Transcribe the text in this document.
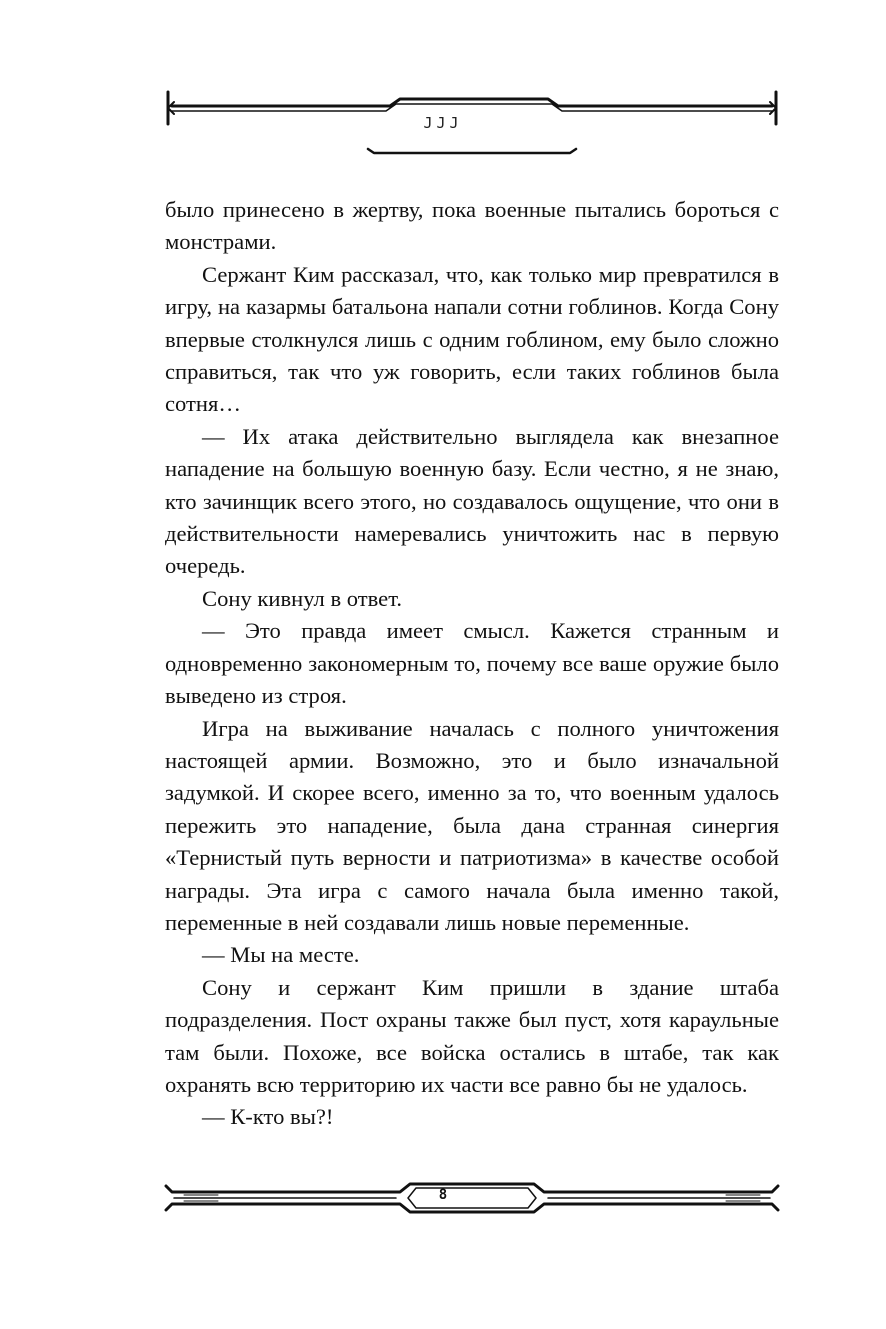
JJJ

было принесено в жертву, пока военные пытались бороться с монстрами.

Сержант Ким рассказал, что, как только мир превратился в игру, на казармы батальона напали сотни гоблинов. Когда Сону впервые столкнулся лишь с одним гоблином, ему было сложно справиться, так что уж говорить, если таких гоблинов была сотня…

— Их атака действительно выглядела как внезапное нападение на большую военную базу. Если честно, я не знаю, кто зачинщик всего этого, но создавалось ощущение, что они в действительности намеревались уничтожить нас в первую очередь.

Сону кивнул в ответ.

— Это правда имеет смысл. Кажется странным и одновременно закономерным то, почему все ваше оружие было выведено из строя.

Игра на выживание началась с полного уничтожения настоящей армии. Возможно, это и было изначальной задумкой. И скорее всего, именно за то, что военным удалось пережить это нападение, была дана странная синергия «Тернистый путь верности и патриотизма» в качестве особой награды. Эта игра с самого начала была именно такой, переменные в ней создавали лишь новые переменные.

— Мы на месте.

Сону и сержант Ким пришли в здание штаба подразделения. Пост охраны также был пуст, хотя караульные там были. Похоже, все войска остались в штабе, так как охранять всю территорию их части все равно бы не удалось.

— К-кто вы?!

8
